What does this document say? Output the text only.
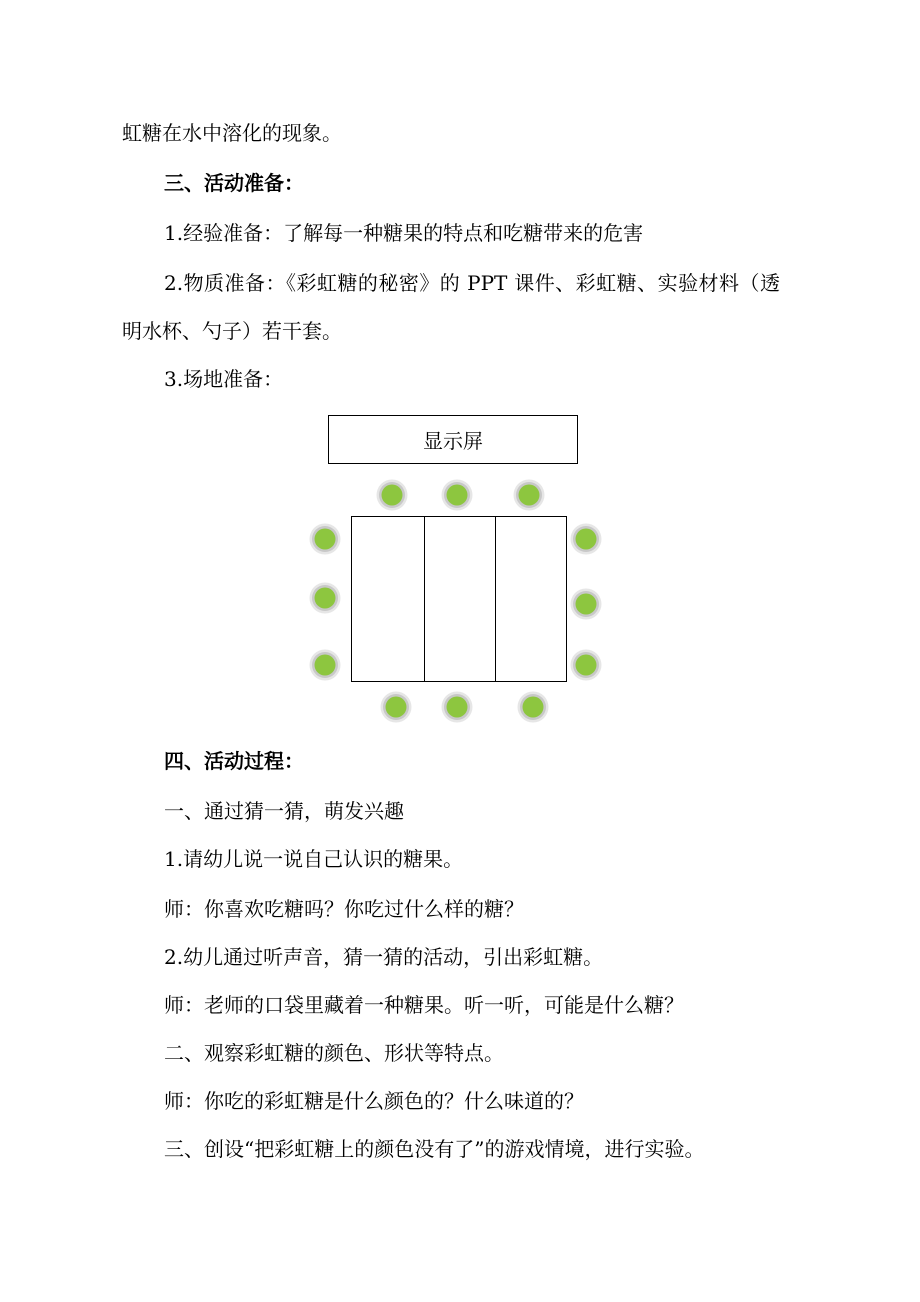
虹糖在水中溶化的现象。

三、活动准备：

1.经验准备：了解每一种糖果的特点和吃糖带来的危害

2.物质准备：《彩虹糖的秘密》的 PPT 课件、彩虹糖、实验材料（透

明水杯、勺子）若干套。

3.场地准备：

显示屏

四、活动过程：

一、通过猜一猜，萌发兴趣

1.请幼儿说一说自己认识的糖果。

师：你喜欢吃糖吗？你吃过什么样的糖？

2.幼儿通过听声音，猜一猜的活动，引出彩虹糖。

师：老师的口袋里藏着一种糖果。听一听，可能是什么糖？

二、观察彩虹糖的颜色、形状等特点。

师：你吃的彩虹糖是什么颜色的？什么味道的？

三、创设“把彩虹糖上的颜色没有了”的游戏情境，进行实验。
